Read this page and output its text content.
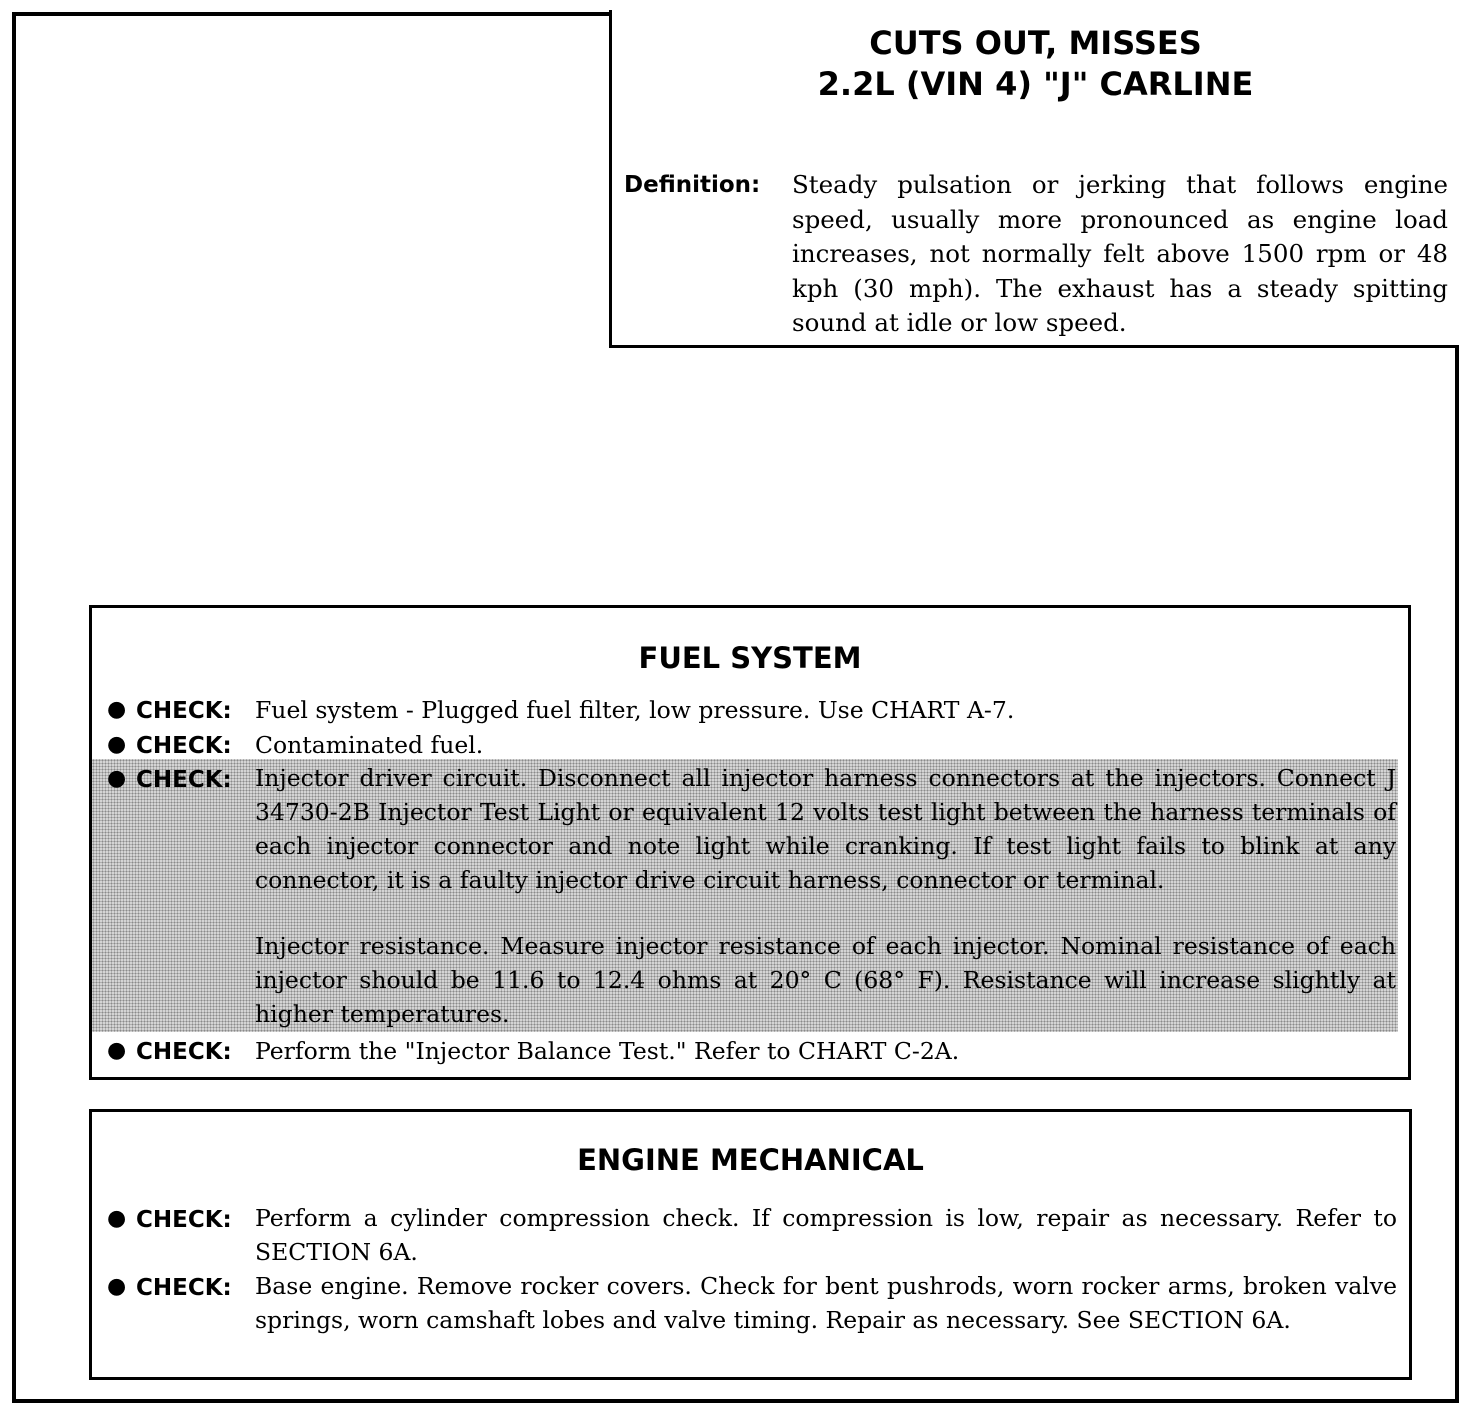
CUTS OUT, MISSES
2.2L (VIN 4) "J" CARLINE
Definition: Steady pulsation or jerking that follows engine speed, usually more pronounced as engine load increases, not normally felt above 1500 rpm or 48 kph (30 mph). The exhaust has a steady spitting sound at idle or low speed.
FUEL SYSTEM
● CHECK: Fuel system - Plugged fuel filter, low pressure. Use CHART A-7.
● CHECK: Contaminated fuel.
● CHECK: Injector driver circuit. Disconnect all injector harness connectors at the injectors. Connect J 34730-2B Injector Test Light or equivalent 12 volts test light between the harness terminals of each injector connector and note light while cranking. If test light fails to blink at any connector, it is a faulty injector drive circuit harness, connector or terminal.
Injector resistance. Measure injector resistance of each injector. Nominal resistance of each injector should be 11.6 to 12.4 ohms at 20° C (68° F). Resistance will increase slightly at higher temperatures.
● CHECK: Perform the "Injector Balance Test." Refer to CHART C-2A.
ENGINE MECHANICAL
● CHECK: Perform a cylinder compression check. If compression is low, repair as necessary. Refer to SECTION 6A.
● CHECK: Base engine. Remove rocker covers. Check for bent pushrods, worn rocker arms, broken valve springs, worn camshaft lobes and valve timing. Repair as necessary. See SECTION 6A.
